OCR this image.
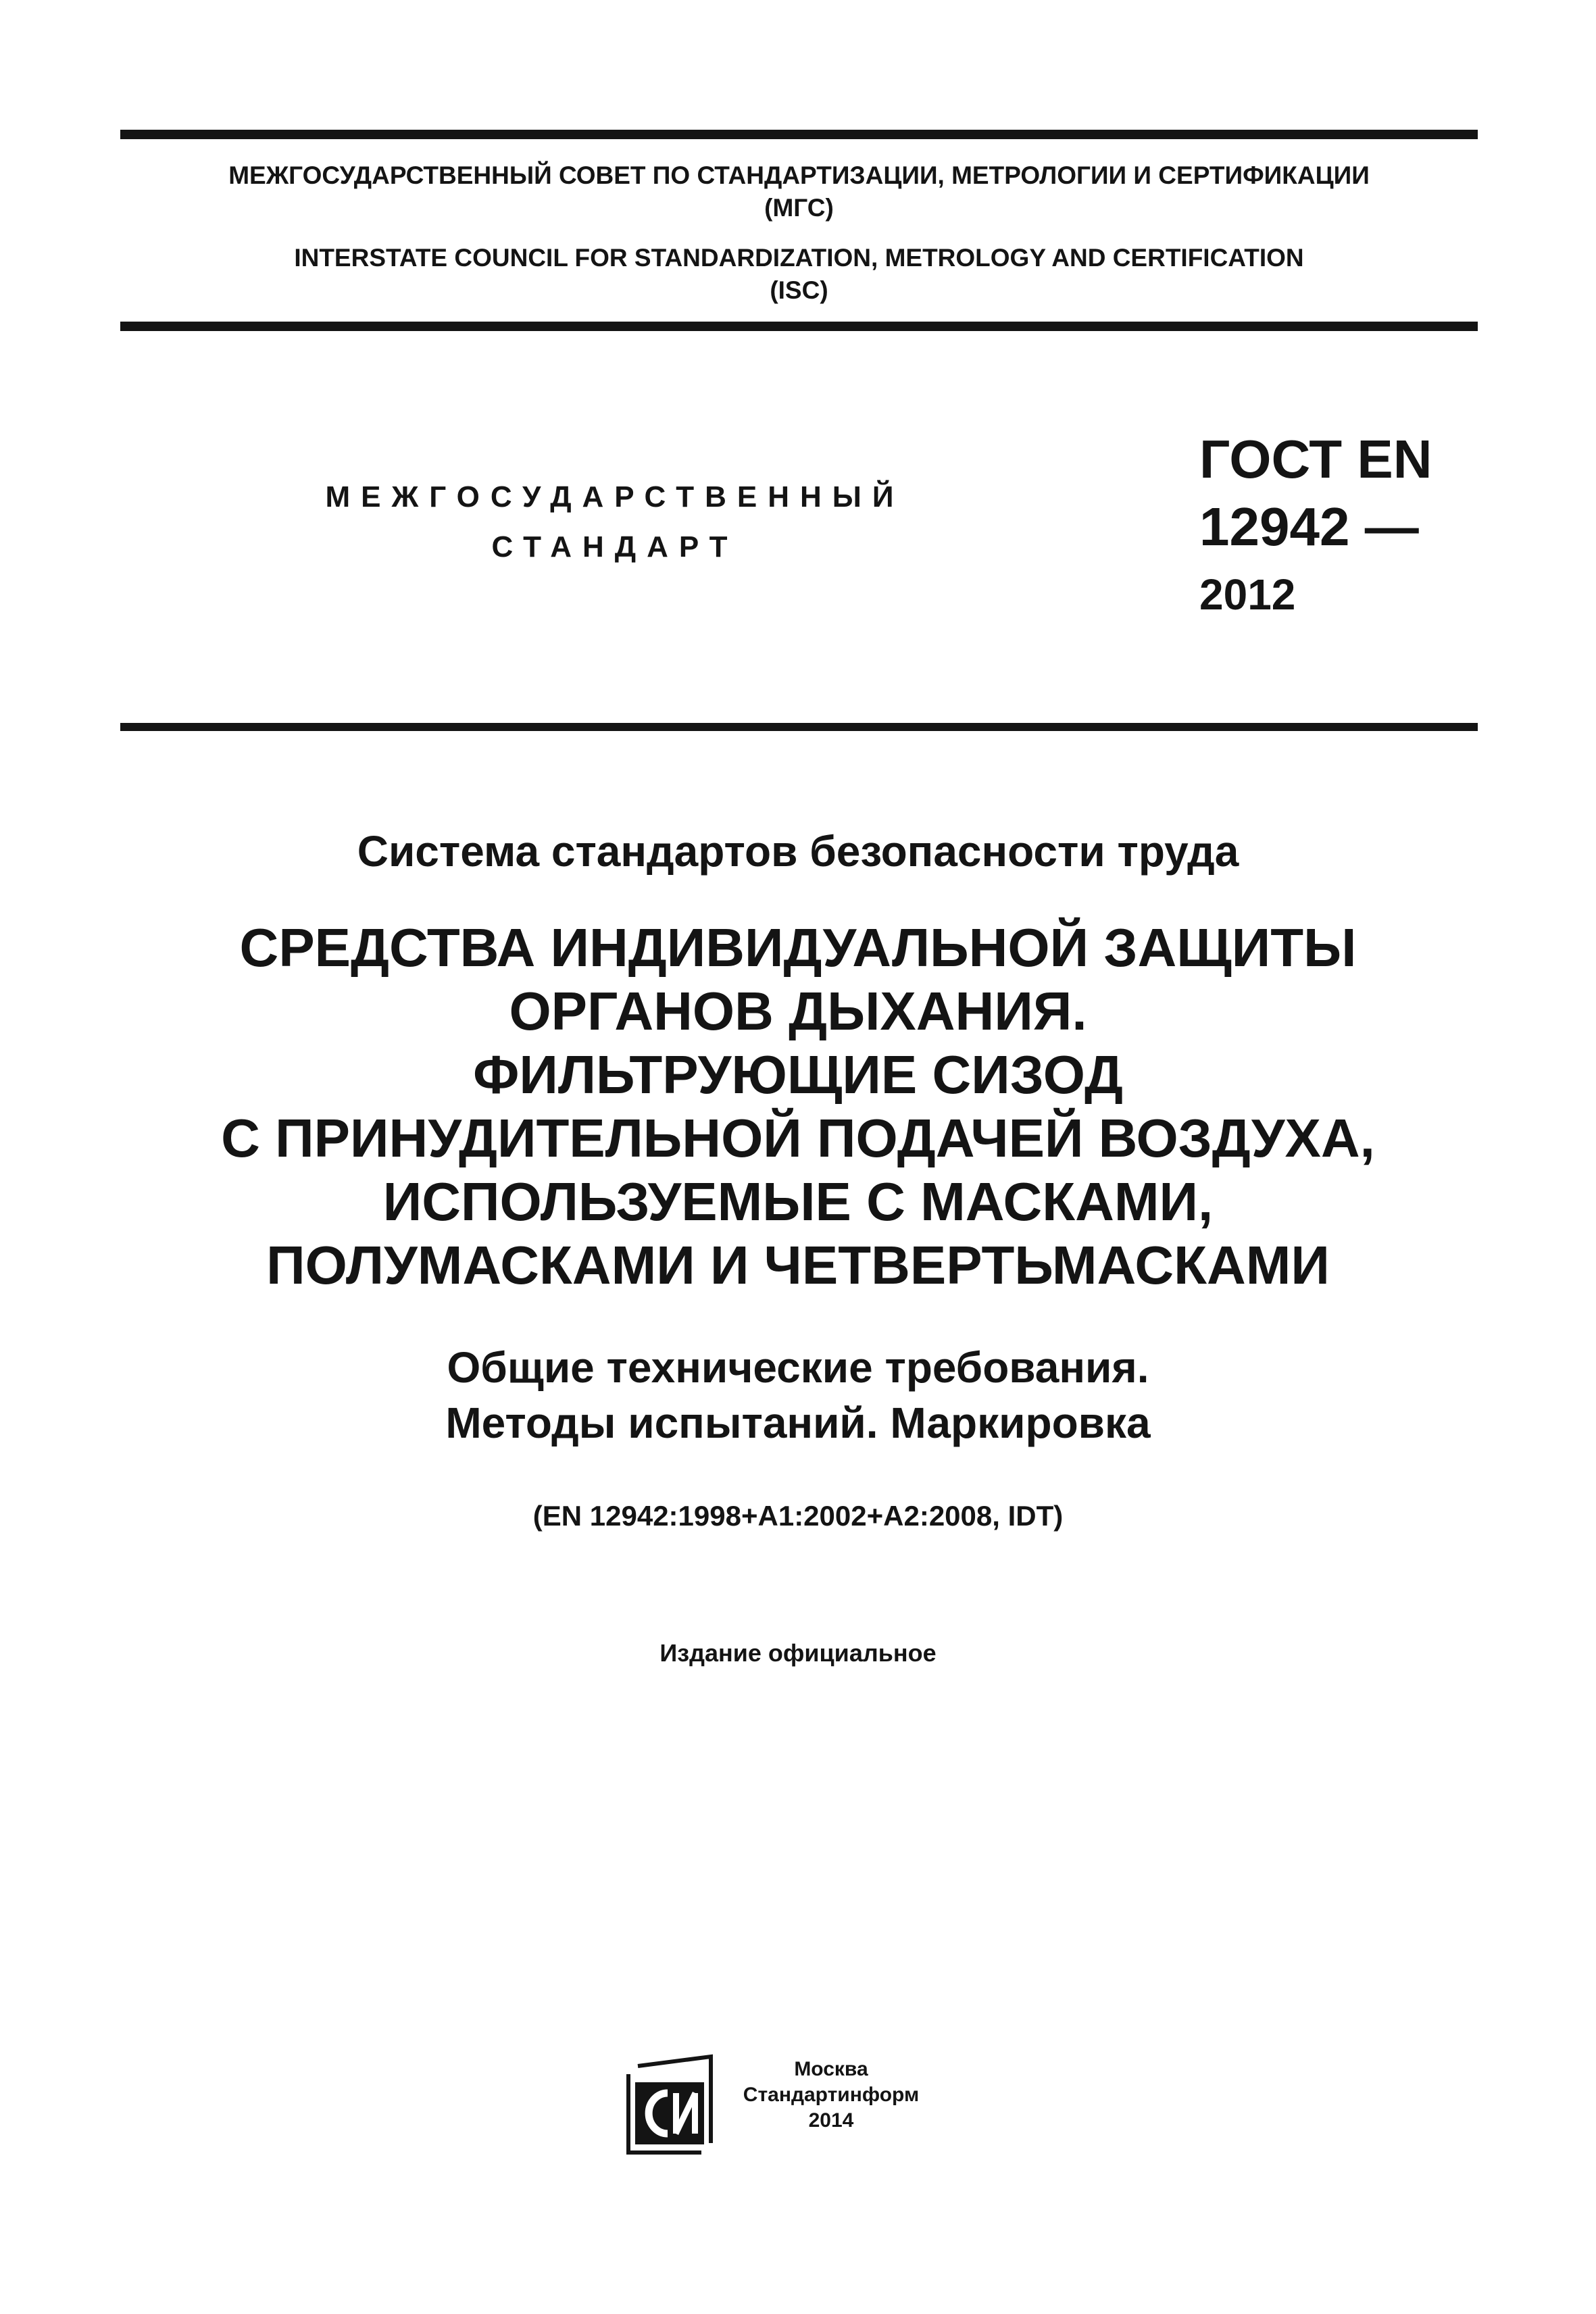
МЕЖГОСУДАРСТВЕННЫЙ СОВЕТ ПО СТАНДАРТИЗАЦИИ, МЕТРОЛОГИИ И СЕРТИФИКАЦИИ
(МГС)
INTERSTATE COUNCIL FOR STANDARDIZATION, METROLOGY AND CERTIFICATION
(ISC)
МЕЖГОСУДАРСТВЕННЫЙ
СТАНДАРТ
ГОСТ EN
12942 —
2012
Система стандартов безопасности труда
СРЕДСТВА ИНДИВИДУАЛЬНОЙ ЗАЩИТЫ
ОРГАНОВ ДЫХАНИЯ.
ФИЛЬТРУЮЩИЕ СИЗОД
С ПРИНУДИТЕЛЬНОЙ ПОДАЧЕЙ ВОЗДУХА,
ИСПОЛЬЗУЕМЫЕ С МАСКАМИ,
ПОЛУМАСКАМИ И ЧЕТВЕРТЬМАСКАМИ
Общие технические требования.
Методы испытаний. Маркировка
(EN 12942:1998+A1:2002+A2:2008, IDT)
Издание официальное
Москва
Стандартинформ
2014
